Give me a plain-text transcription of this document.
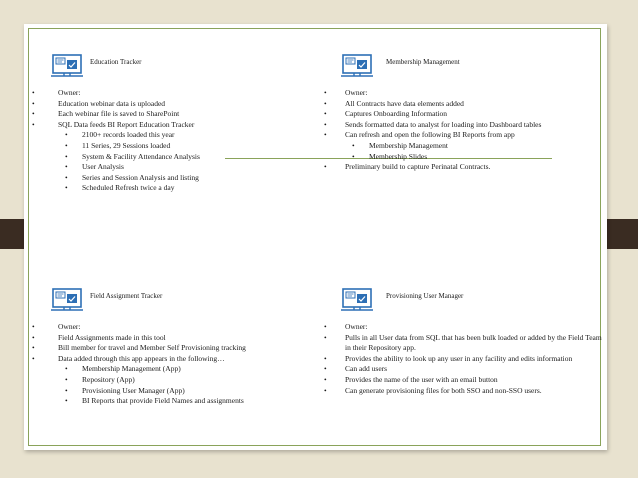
Education Tracker
• Owner:
• Education webinar data is uploaded
• Each webinar file is saved to SharePoint
• SQL Data feeds BI Report Education Tracker
• 2100+ records loaded this year
• 11 Series, 29 Sessions loaded
• System & Facility Attendance Analysis
• User Analysis
• Series and Session Analysis and listing
• Scheduled Refresh twice a day
Membership Management
• Owner:
• All Contracts have data elements added
• Captures Onboarding Information
• Sends formatted data to analyst for loading into Dashboard tables
• Can refresh and open the following BI Reports from app
• Membership Management
• Membership Slides
• Preliminary build to capture Perinatal Contracts.
Field Assignment Tracker
• Owner:
• Field Assignments made in this tool
• Bill member for travel and Member Self Provisioning tracking
• Data added through this app appears in the following…
• Membership Management (App)
• Repository (App)
• Provisioning User Manager (App)
• BI Reports that provide Field Names and assignments
Provisioning User Manager
• Owner:
• Pulls in all User data from SQL that has been bulk loaded or added by the Field Team in their Repository app.
• Provides the ability to look up any user in any facility and edits information
• Can add users
• Provides the name of the user with an email button
• Can generate provisioning files for both SSO and non-SSO users.
